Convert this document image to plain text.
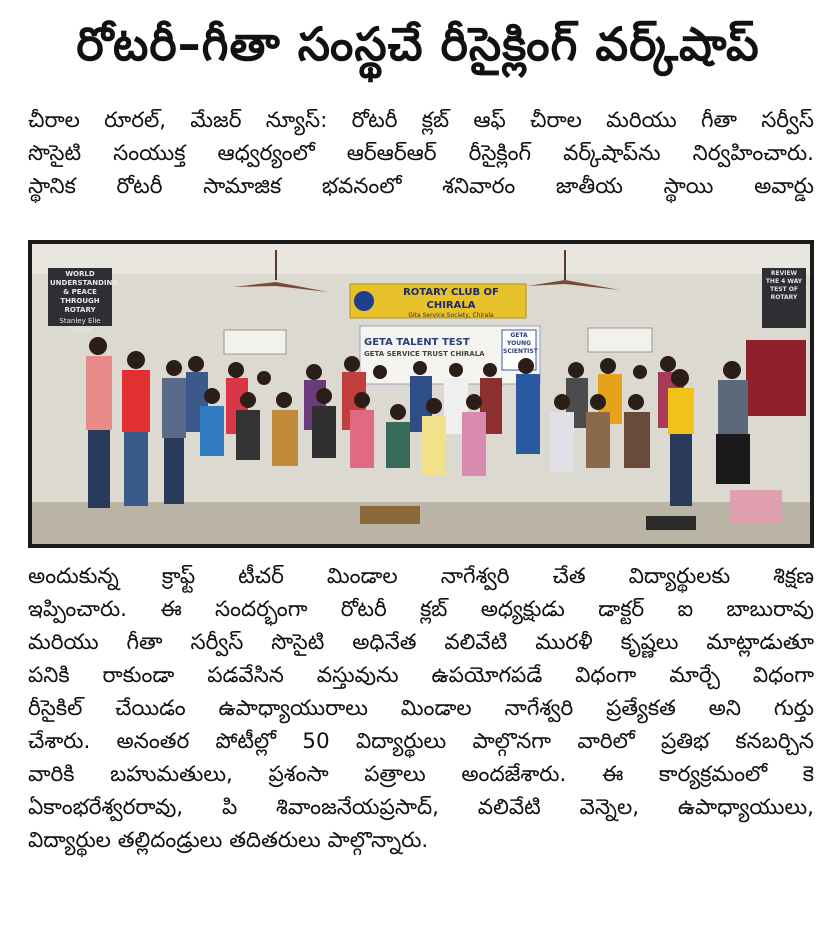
రోటరీ–గీతా సంస్థచే రీసైక్లింగ్ వర్క్‌షాప్
చీరాల రూరల్, మేజర్ న్యూస్: రోటరీ క్లబ్ ఆఫ్ చీరాల మరియు గీతా సర్వీస్
సొసైటి సంయుక్త ఆధ్వర్యంలో ఆర్ఆర్ఆర్ రీసైక్లింగ్ వర్క్‌షాప్‌ను నిర్వహించారు.
స్థానిక రోటరీ సామాజిక భవనంలో శనివారం జాతీయ స్థాయి అవార్డు
WORLD UNDERSTANDING & PEACE THROUGH ROTARY
Stanley Elie Calleys
REVIEW THE 4 WAY TEST OF ROTARY
ROTARY CLUB OF CHIRALA
Gita Service Society, Chirala
GETA TALENT TEST
GETA SERVICE TRUST CHIRALA
GETA YOUNG SCIENTIST
అందుకున్న క్రాఫ్ట్ టీచర్ మిండాల నాగేశ్వరి చేత విద్యార్థులకు శిక్షణ
ఇప్పించారు. ఈ సందర్భంగా రోటరీ క్లబ్ అధ్యక్షుడు డాక్టర్ ఐ బాబురావు
మరియు గీతా సర్వీస్ సొసైటి అధినేత వలివేటి మురళీ కృష్ణలు మాట్లాడుతూ
పనికి రాకుండా పడవేసిన వస్తువును ఉపయోగపడే విధంగా మార్చే విధంగా
రీసైకిల్ చేయిడం ఉపాధ్యాయురాలు మిండాల నాగేశ్వరి ప్రత్యేకత అని గుర్తు
చేశారు. అనంతర పోటీల్లో 50 విద్యార్థులు పాల్గొనగా వారిలో ప్రతిభ కనబర్చిన
వారికి బహుమతులు, ప్రశంసా పత్రాలు అందజేశారు. ఈ కార్యక్రమంలో కె
ఏకాంభరేశ్వరరావు, పి శివాంజనేయప్రసాద్, వలివేటి వెన్నెల, ఉపాధ్యాయులు,
విద్యార్థుల తల్లిదండ్రులు తదితరులు పాల్గొన్నారు.
